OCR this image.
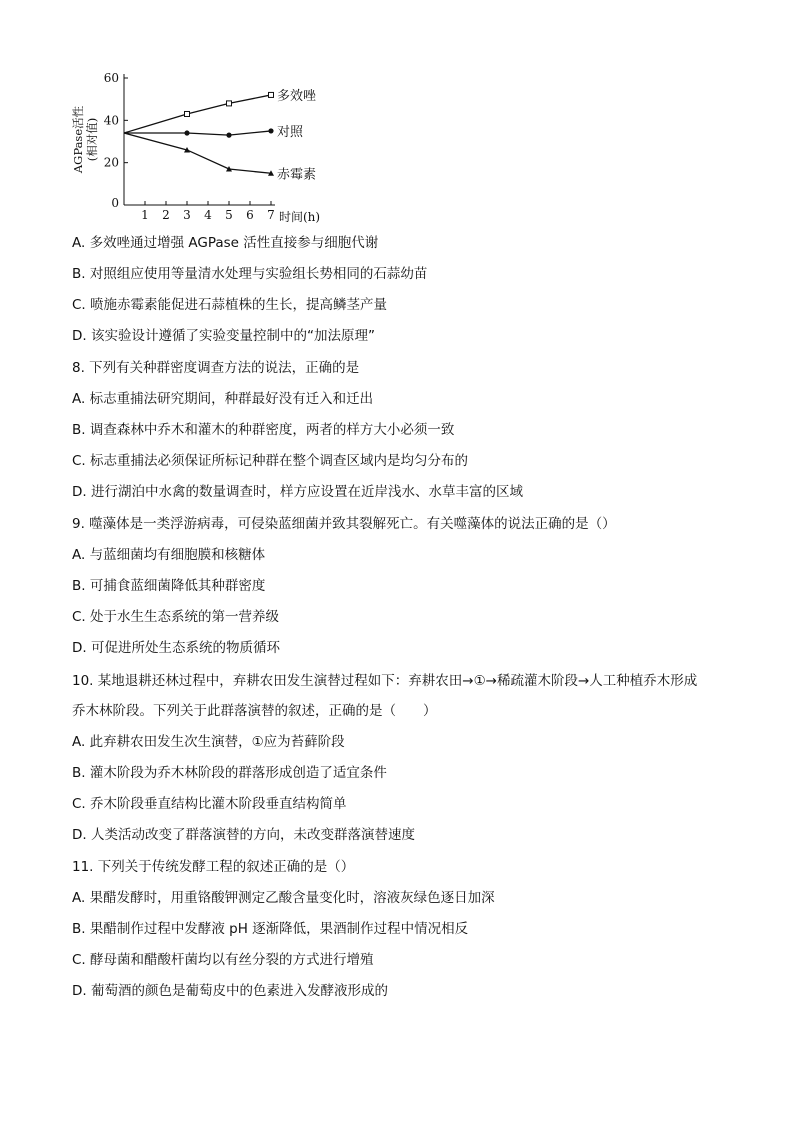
20
40
60
0
1 2 3 4 5 6 7 时间(h)
AGPase活性 (相对值)
多效唑
对照
赤霉素
A. 多效唑通过增强 AGPase 活性直接参与细胞代谢
B. 对照组应使用等量清水处理与实验组长势相同的石蒜幼苗
C. 喷施赤霉素能促进石蒜植株的生长，提高鳞茎产量
D. 该实验设计遵循了实验变量控制中的“加法原理”
8. 下列有关种群密度调查方法的说法，正确的是
A. 标志重捕法研究期间，种群最好没有迁入和迁出
B. 调查森林中乔木和灌木的种群密度，两者的样方大小必须一致
C. 标志重捕法必须保证所标记种群在整个调查区域内是均匀分布的
D. 进行湖泊中水禽的数量调查时，样方应设置在近岸浅水、水草丰富的区域
9. 噬藻体是一类浮游病毒，可侵染蓝细菌并致其裂解死亡。有关噬藻体的说法正确的是（）
A. 与蓝细菌均有细胞膜和核糖体
B. 可捕食蓝细菌降低其种群密度
C. 处于水生生态系统的第一营养级
D. 可促进所处生态系统的物质循环
10. 某地退耕还林过程中，弃耕农田发生演替过程如下：弃耕农田→①→稀疏灌木阶段→人工种植乔木形成
乔木林阶段。下列关于此群落演替的叙述，正确的是（　　）
A. 此弃耕农田发生次生演替，①应为苔藓阶段
B. 灌木阶段为乔木林阶段的群落形成创造了适宜条件
C. 乔木阶段垂直结构比灌木阶段垂直结构简单
D. 人类活动改变了群落演替的方向，未改变群落演替速度
11. 下列关于传统发酵工程的叙述正确的是（）
A. 果醋发酵时，用重铬酸钾测定乙酸含量变化时，溶液灰绿色逐日加深
B. 果醋制作过程中发酵液 pH 逐渐降低，果酒制作过程中情况相反
C. 酵母菌和醋酸杆菌均以有丝分裂的方式进行增殖
D. 葡萄酒的颜色是葡萄皮中的色素进入发酵液形成的
